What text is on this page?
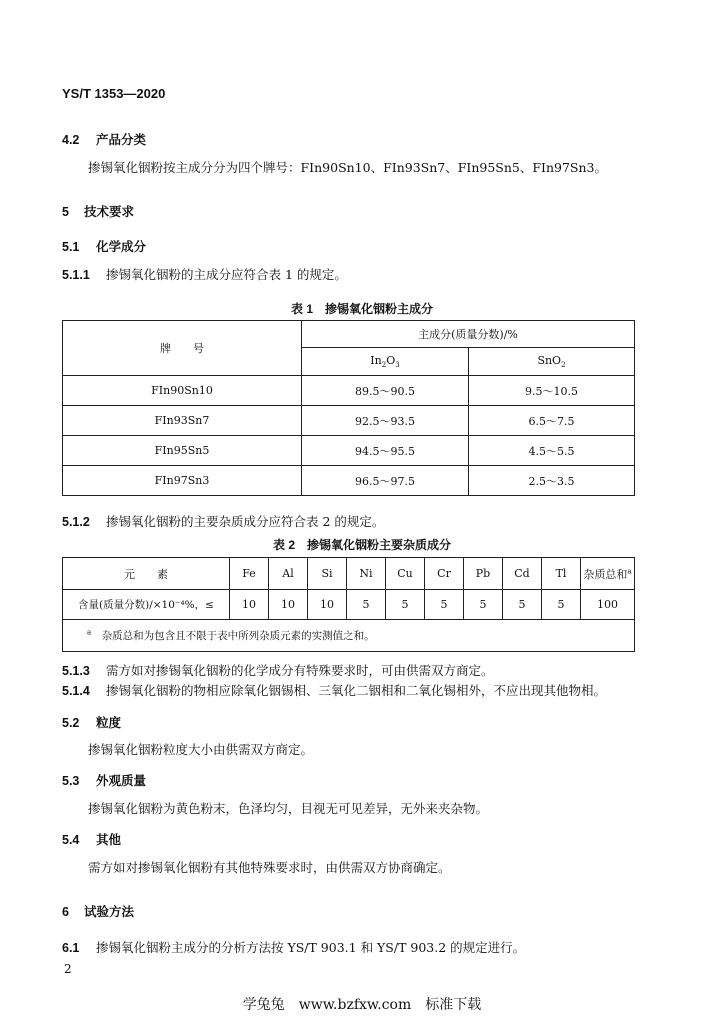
YS/T 1353—2020
4.2 产品分类
掺锡氧化铟粉按主成分分为四个牌号：FIn90Sn10、FIn93Sn7、FIn95Sn5、FIn97Sn3。
5 技术要求
5.1 化学成分
5.1.1 掺锡氧化铟粉的主成分应符合表 1 的规定。
表 1　掺锡氧化铟粉主成分
牌　　号	主成分(质量分数)/%	
	$In_2O_3$	SnO$_2$
FIn90Sn10	89.5～90.5	9.5～10.5
FIn93Sn7	92.5～93.5	6.5～7.5
FIn95Sn5	94.5～95.5	4.5～5.5
FIn97Sn3	96.5～97.5	2.5～3.5
5.1.2 掺锡氧化铟粉的主要杂质成分应符合表 2 的规定。
表 2　掺锡氧化铟粉主要杂质成分
元　　素	Fe	Al	Si	Ni	Cu	Cr	Pb	Cd	Tl	杂质总和$^a$
含量(质量分数)/×10⁻⁴%，≤	10	10	10	5	5	5	5	5	5	100
$^a$　 杂质总和为包含且不限于表中所列杂质元素的实测值之和。										
5.1.3 需方如对掺锡氧化铟粉的化学成分有特殊要求时，可由供需双方商定。
5.1.4 掺锡氧化铟粉的物相应除氧化铟锡相、三氧化二铟相和二氧化锡相外，不应出现其他物相。
5.2 粒度
掺锡氧化铟粉粒度大小由供需双方商定。
5.3 外观质量
掺锡氧化铟粉为黄色粉末，色泽均匀，目视无可见差异，无外来夹杂物。
5.4 其他
需方如对掺锡氧化铟粉有其他特殊要求时，由供需双方协商确定。
6 试验方法
6.1 掺锡氧化铟粉主成分的分析方法按 YS/T 903.1 和 YS/T 903.2 的规定进行。
2
学兔兔　www.bzfxw.com　标准下载
